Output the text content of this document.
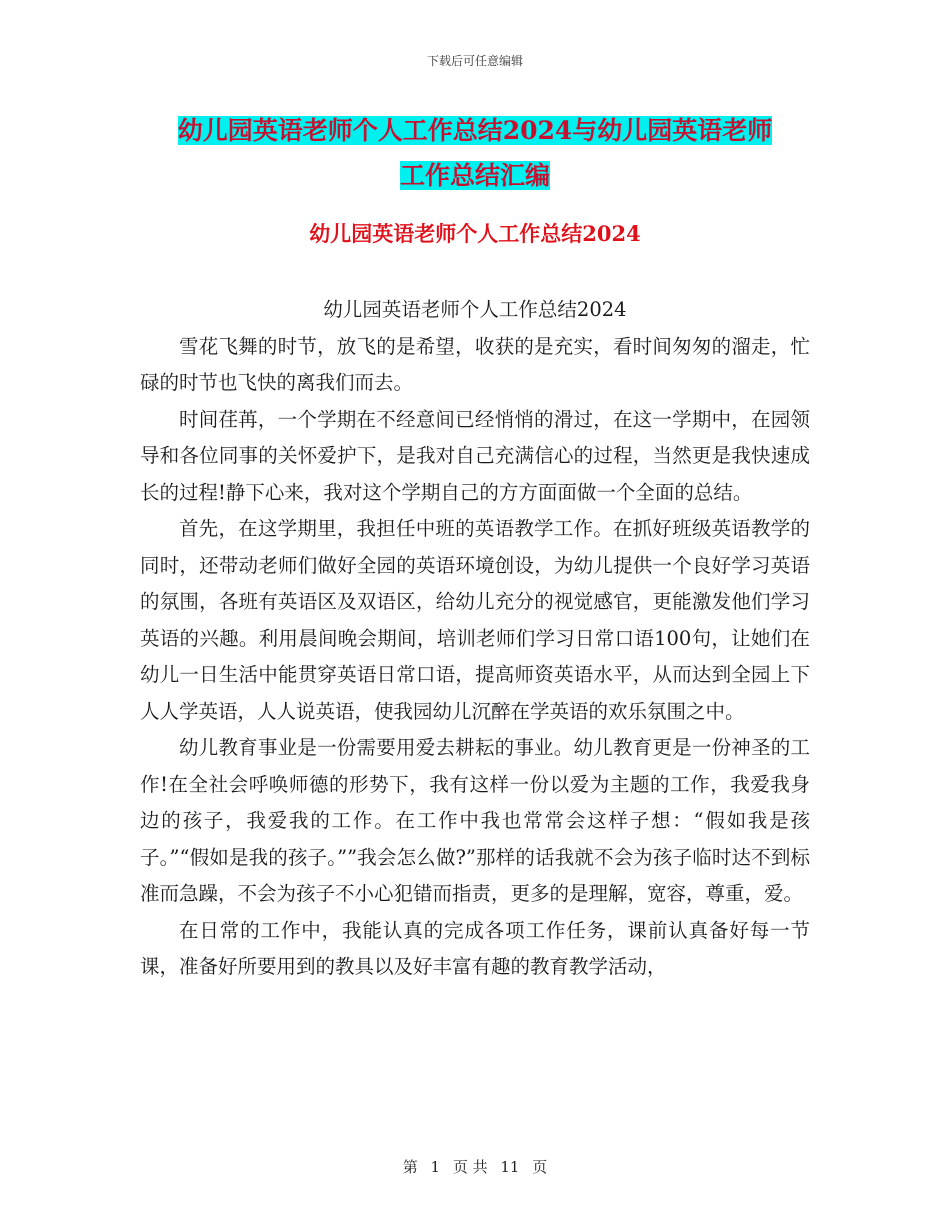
下载后可任意编辑
幼儿园英语老师个人工作总结2024与幼儿园英语老师
工作总结汇编
幼儿园英语老师个人工作总结2024
幼儿园英语老师个人工作总结2024

雪花飞舞的时节，放飞的是希望，收获的是充实，看时间匆匆的溜走，忙碌的时节也飞快的离我们而去。

时间荏苒，一个学期在不经意间已经悄悄的滑过，在这一学期中，在园领导和各位同事的关怀爱护下，是我对自己充满信心的过程，当然更是我快速成长的过程!静下心来，我对这个学期自己的方方面面做一个全面的总结。

首先，在这学期里，我担任中班的英语教学工作。在抓好班级英语教学的同时，还带动老师们做好全园的英语环境创设，为幼儿提供一个良好学习英语的氛围，各班有英语区及双语区，给幼儿充分的视觉感官，更能激发他们学习英语的兴趣。利用晨间晚会期间，培训老师们学习日常口语100句，让她们在幼儿一日生活中能贯穿英语日常口语，提高师资英语水平，从而达到全园上下人人学英语，人人说英语，使我园幼儿沉醉在学英语的欢乐氛围之中。

幼儿教育事业是一份需要用爱去耕耘的事业。幼儿教育更是一份神圣的工作!在全社会呼唤师德的形势下，我有这样一份以爱为主题的工作，我爱我身边的孩子，我爱我的工作。在工作中我也常常会这样子想：“假如我是孩子。”“假如是我的孩子。””我会怎么做?”那样的话我就不会为孩子临时达不到标准而急躁，不会为孩子不小心犯错而指责，更多的是理解，宽容，尊重，爱。

在日常的工作中，我能认真的完成各项工作任务，课前认真备好每一节课，准备好所要用到的教具以及好丰富有趣的教育教学活动，

第 1 页 共 11 页
